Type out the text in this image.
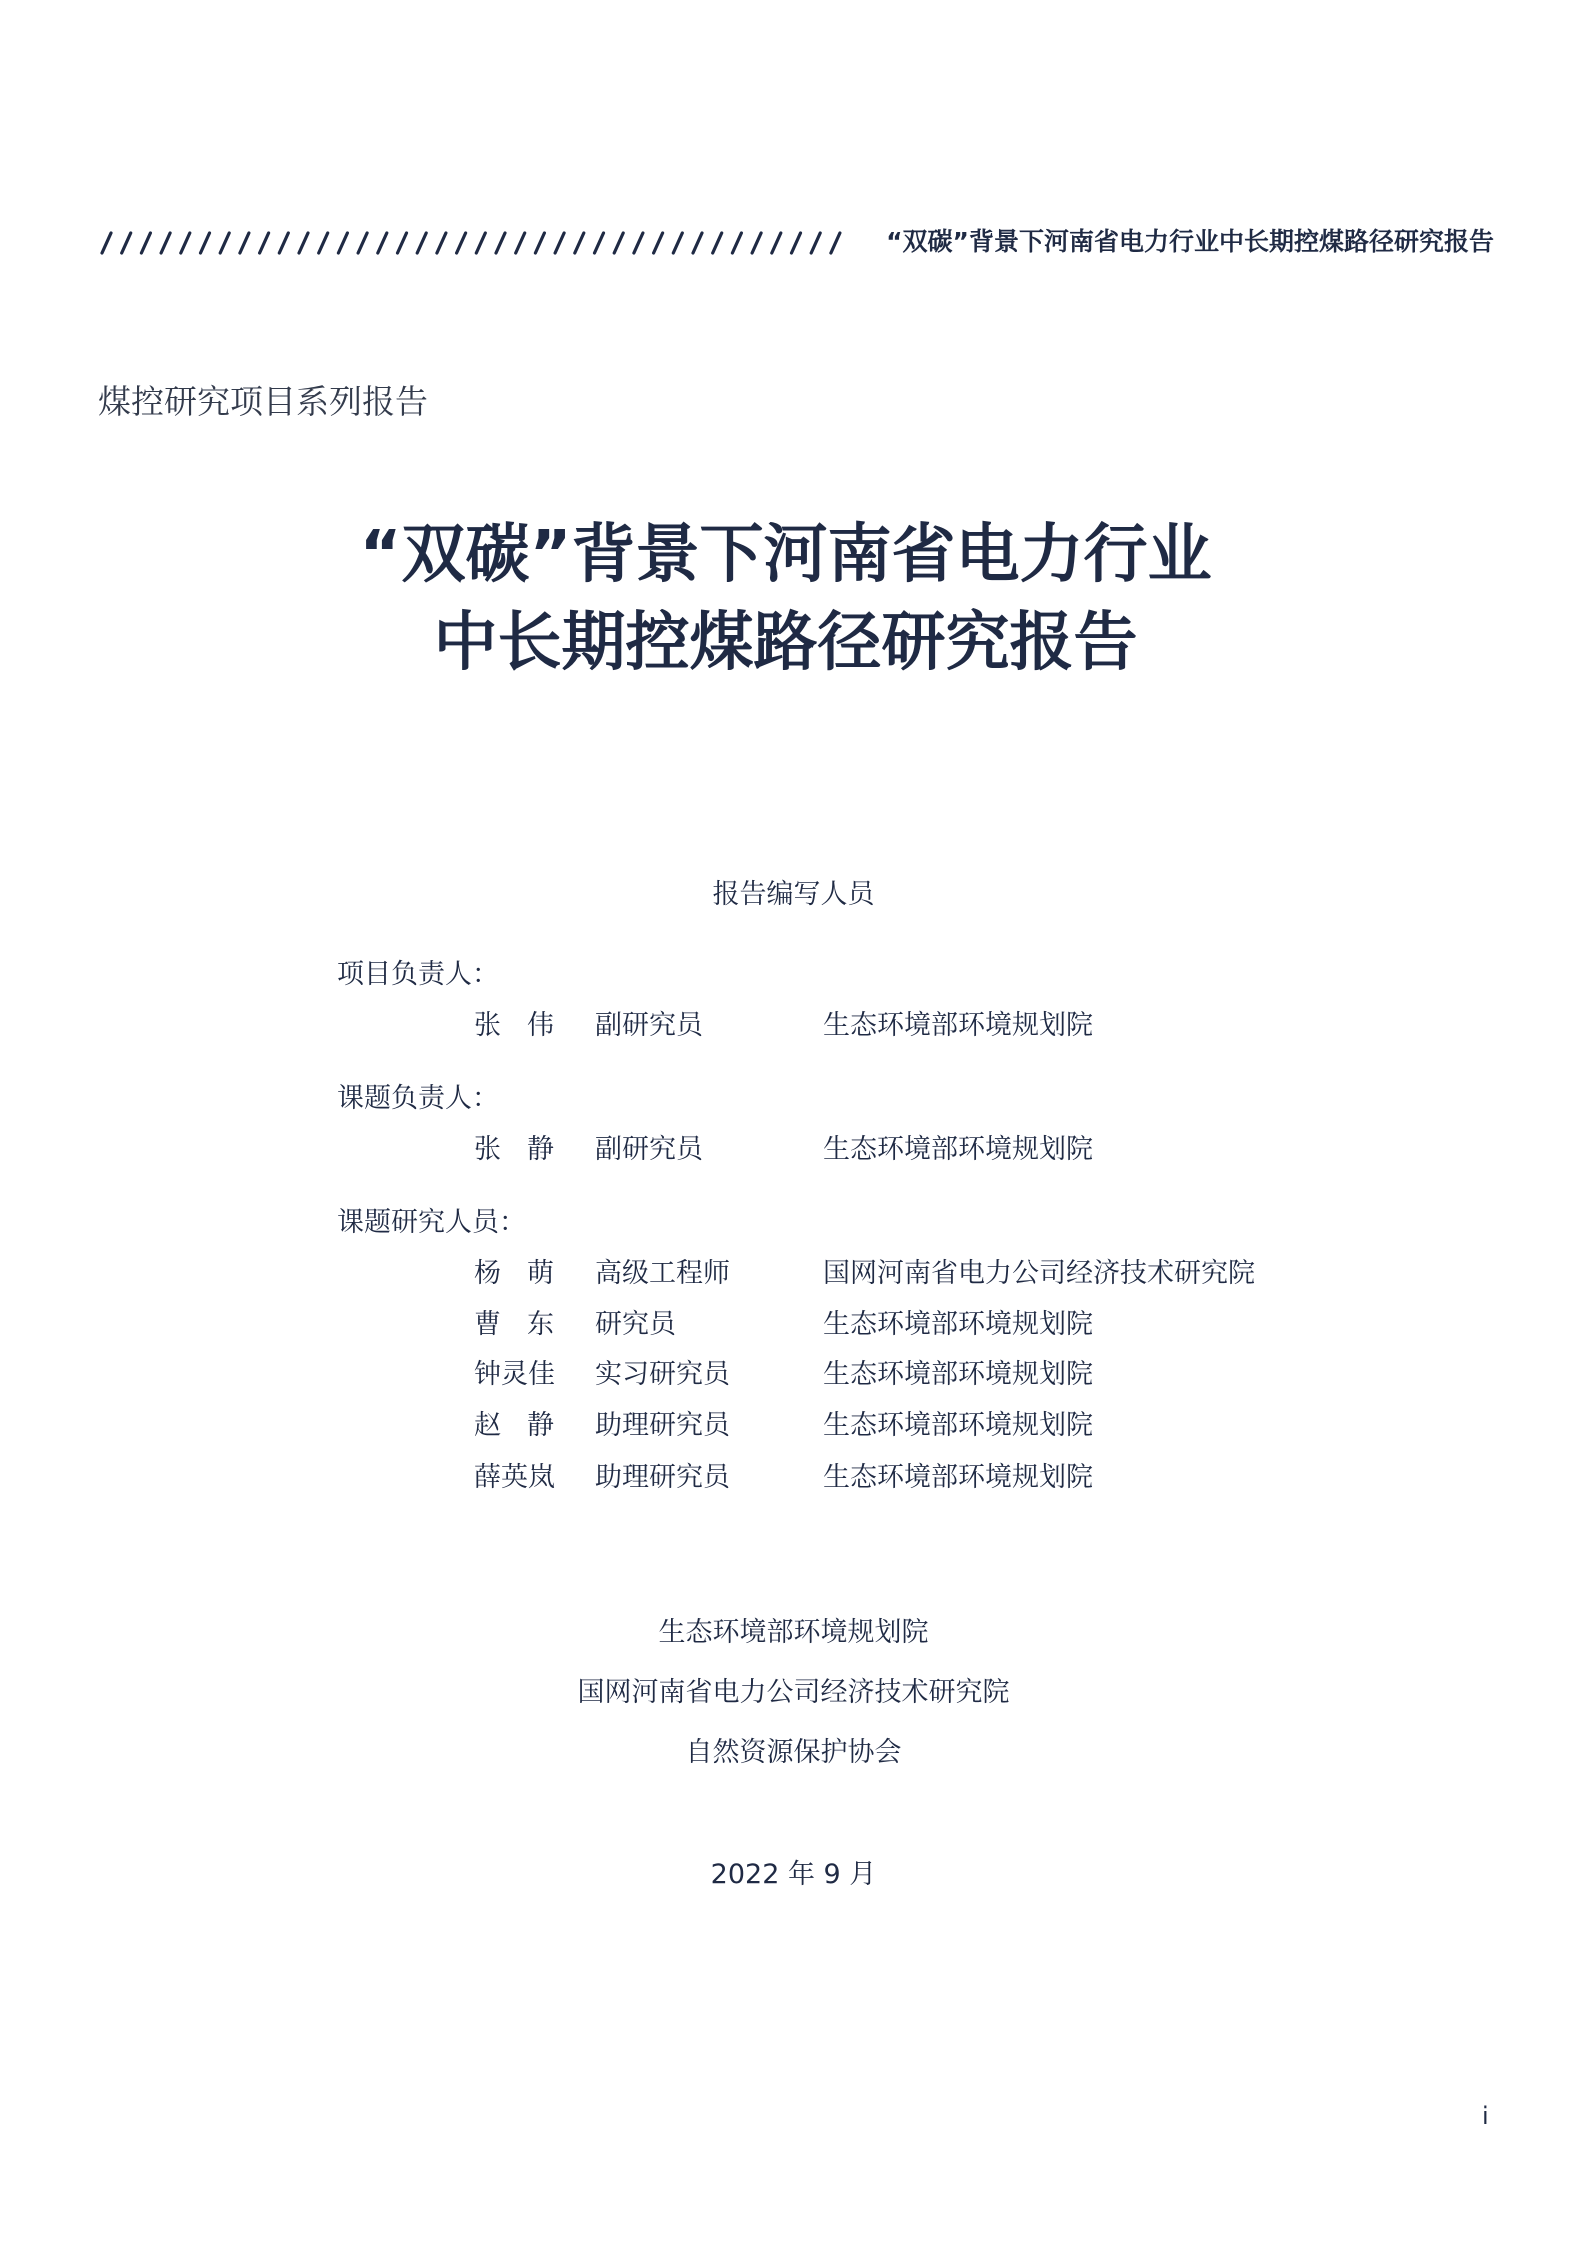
“双碳”背景下河南省电力行业中长期控煤路径研究报告
煤控研究项目系列报告
“双碳”背景下河南省电力行业
中长期控煤路径研究报告
报告编写人员
项目负责人：
张伟 副研究员	生态环境部环境规划院
课题负责人：
张静 副研究员	生态环境部环境规划院
课题研究人员：
杨萌 高级工程师	国网河南省电力公司经济技术研究院
曹东 研究员	生态环境部环境规划院
钟灵佳 实习研究员	生态环境部环境规划院
赵静 助理研究员	生态环境部环境规划院
薛英岚 助理研究员	生态环境部环境规划院
生态环境部环境规划院
国网河南省电力公司经济技术研究院
自然资源保护协会
2022 年 9 月
i
